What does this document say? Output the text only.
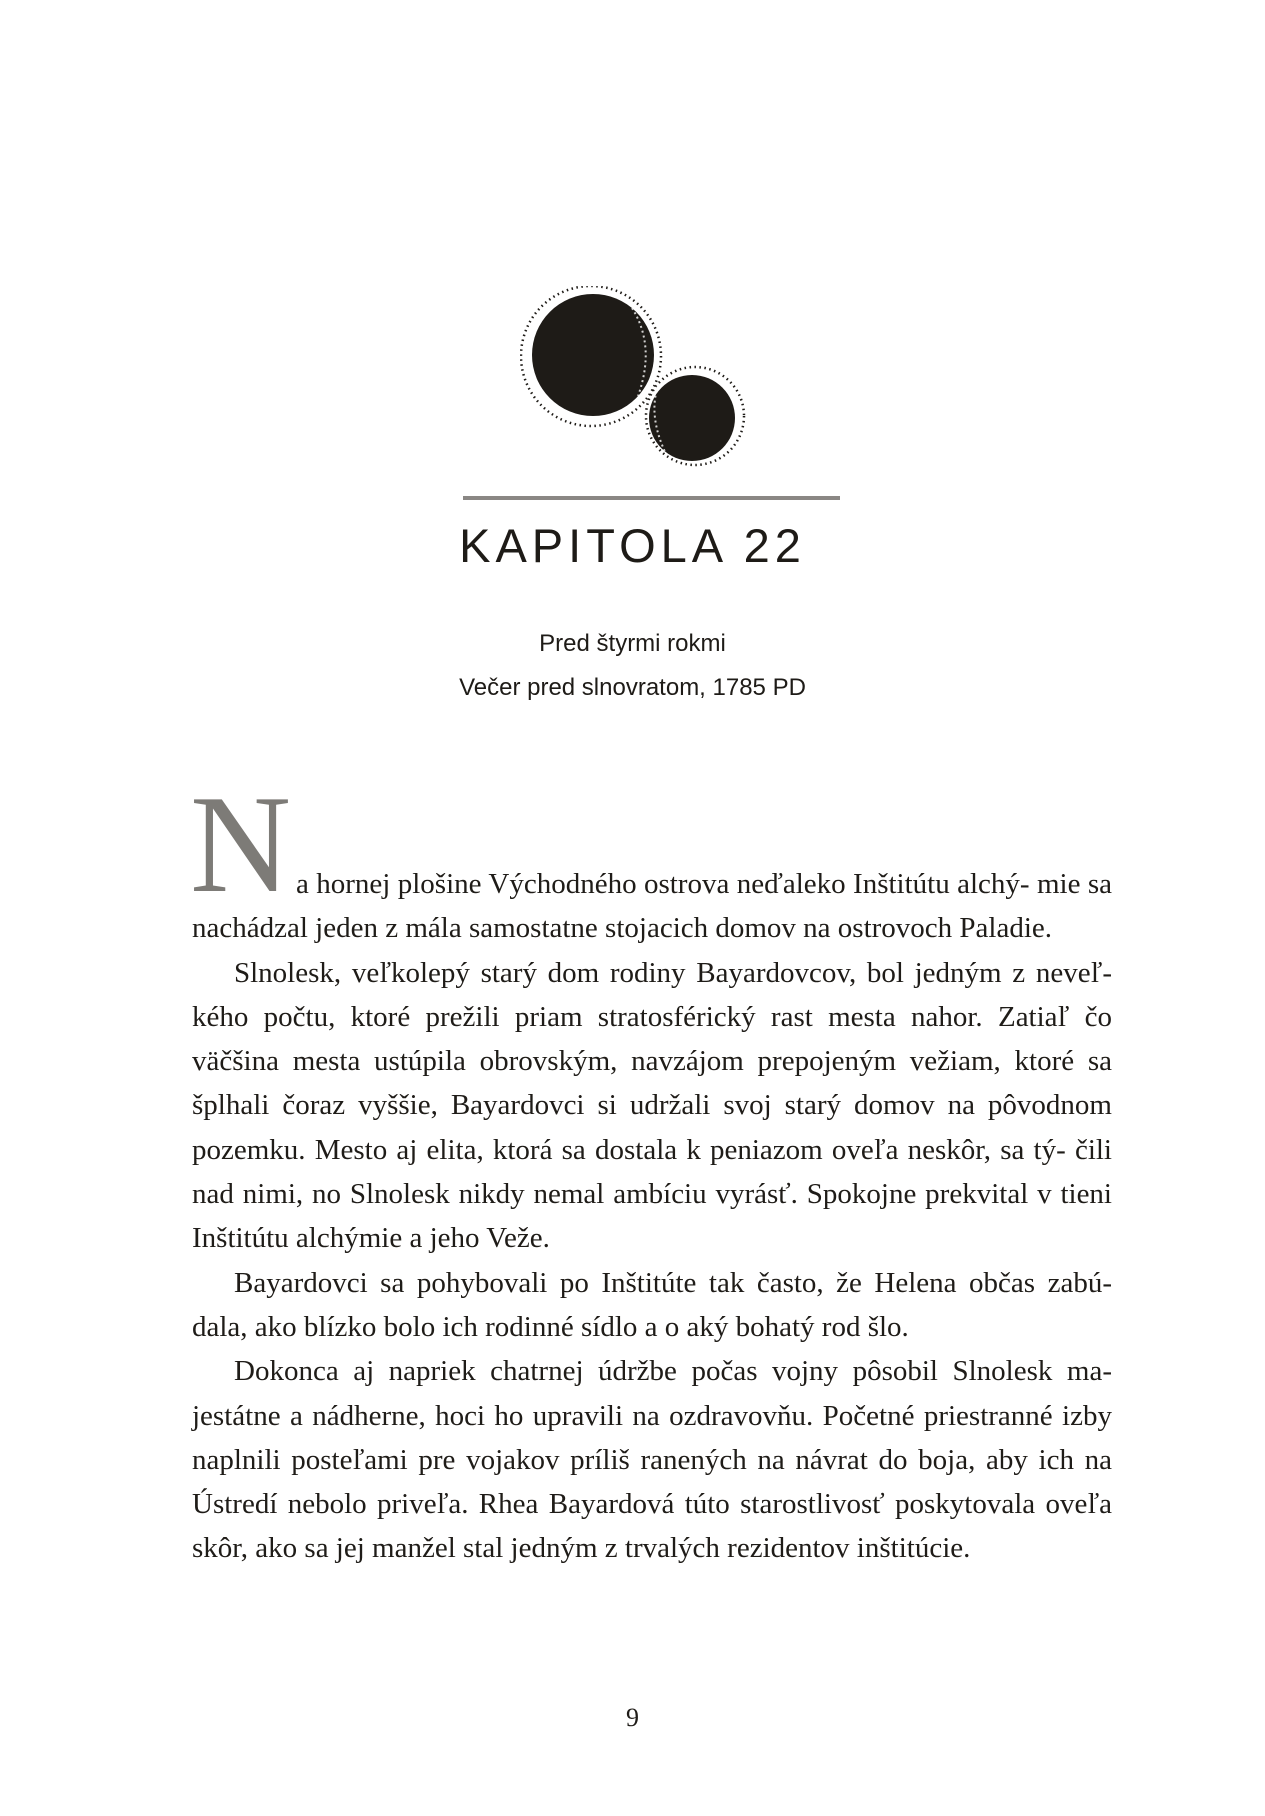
KAPITOLA 22
Pred štyrmi rokmi
Večer pred slnovratom, 1785 PD
N a hornej plošine Východného ostrova neďaleko Inštitútu alchý- mie sa nachádzal jeden z mála samostatne stojacich domov na ostrovoch Paladie.

Slnolesk, veľkolepý starý dom rodiny Bayardovcov, bol jedným z neveľ- kého počtu, ktoré prežili priam stratosférický rast mesta nahor. Zatiaľ čo väčšina mesta ustúpila obrovským, navzájom prepojeným vežiam, ktoré sa šplhali čoraz vyššie, Bayardovci si udržali svoj starý domov na pôvodnom pozemku. Mesto aj elita, ktorá sa dostala k peniazom oveľa neskôr, sa tý- čili nad nimi, no Slnolesk nikdy nemal ambíciu vyrásť. Spokojne prekvital v tieni Inštitútu alchýmie a jeho Veže.

Bayardovci sa pohybovali po Inštitúte tak často, že Helena občas zabú- dala, ako blízko bolo ich rodinné sídlo a o aký bohatý rod šlo.

Dokonca aj napriek chatrnej údržbe počas vojny pôsobil Slnolesk ma- jestátne a nádherne, hoci ho upravili na ozdravovňu. Početné priestranné izby naplnili posteľami pre vojakov príliš ranených na návrat do boja, aby ich na Ústredí nebolo priveľa. Rhea Bayardová túto starostlivosť poskytovala oveľa skôr, ako sa jej manžel stal jedným z trvalých rezidentov inštitúcie.

9
